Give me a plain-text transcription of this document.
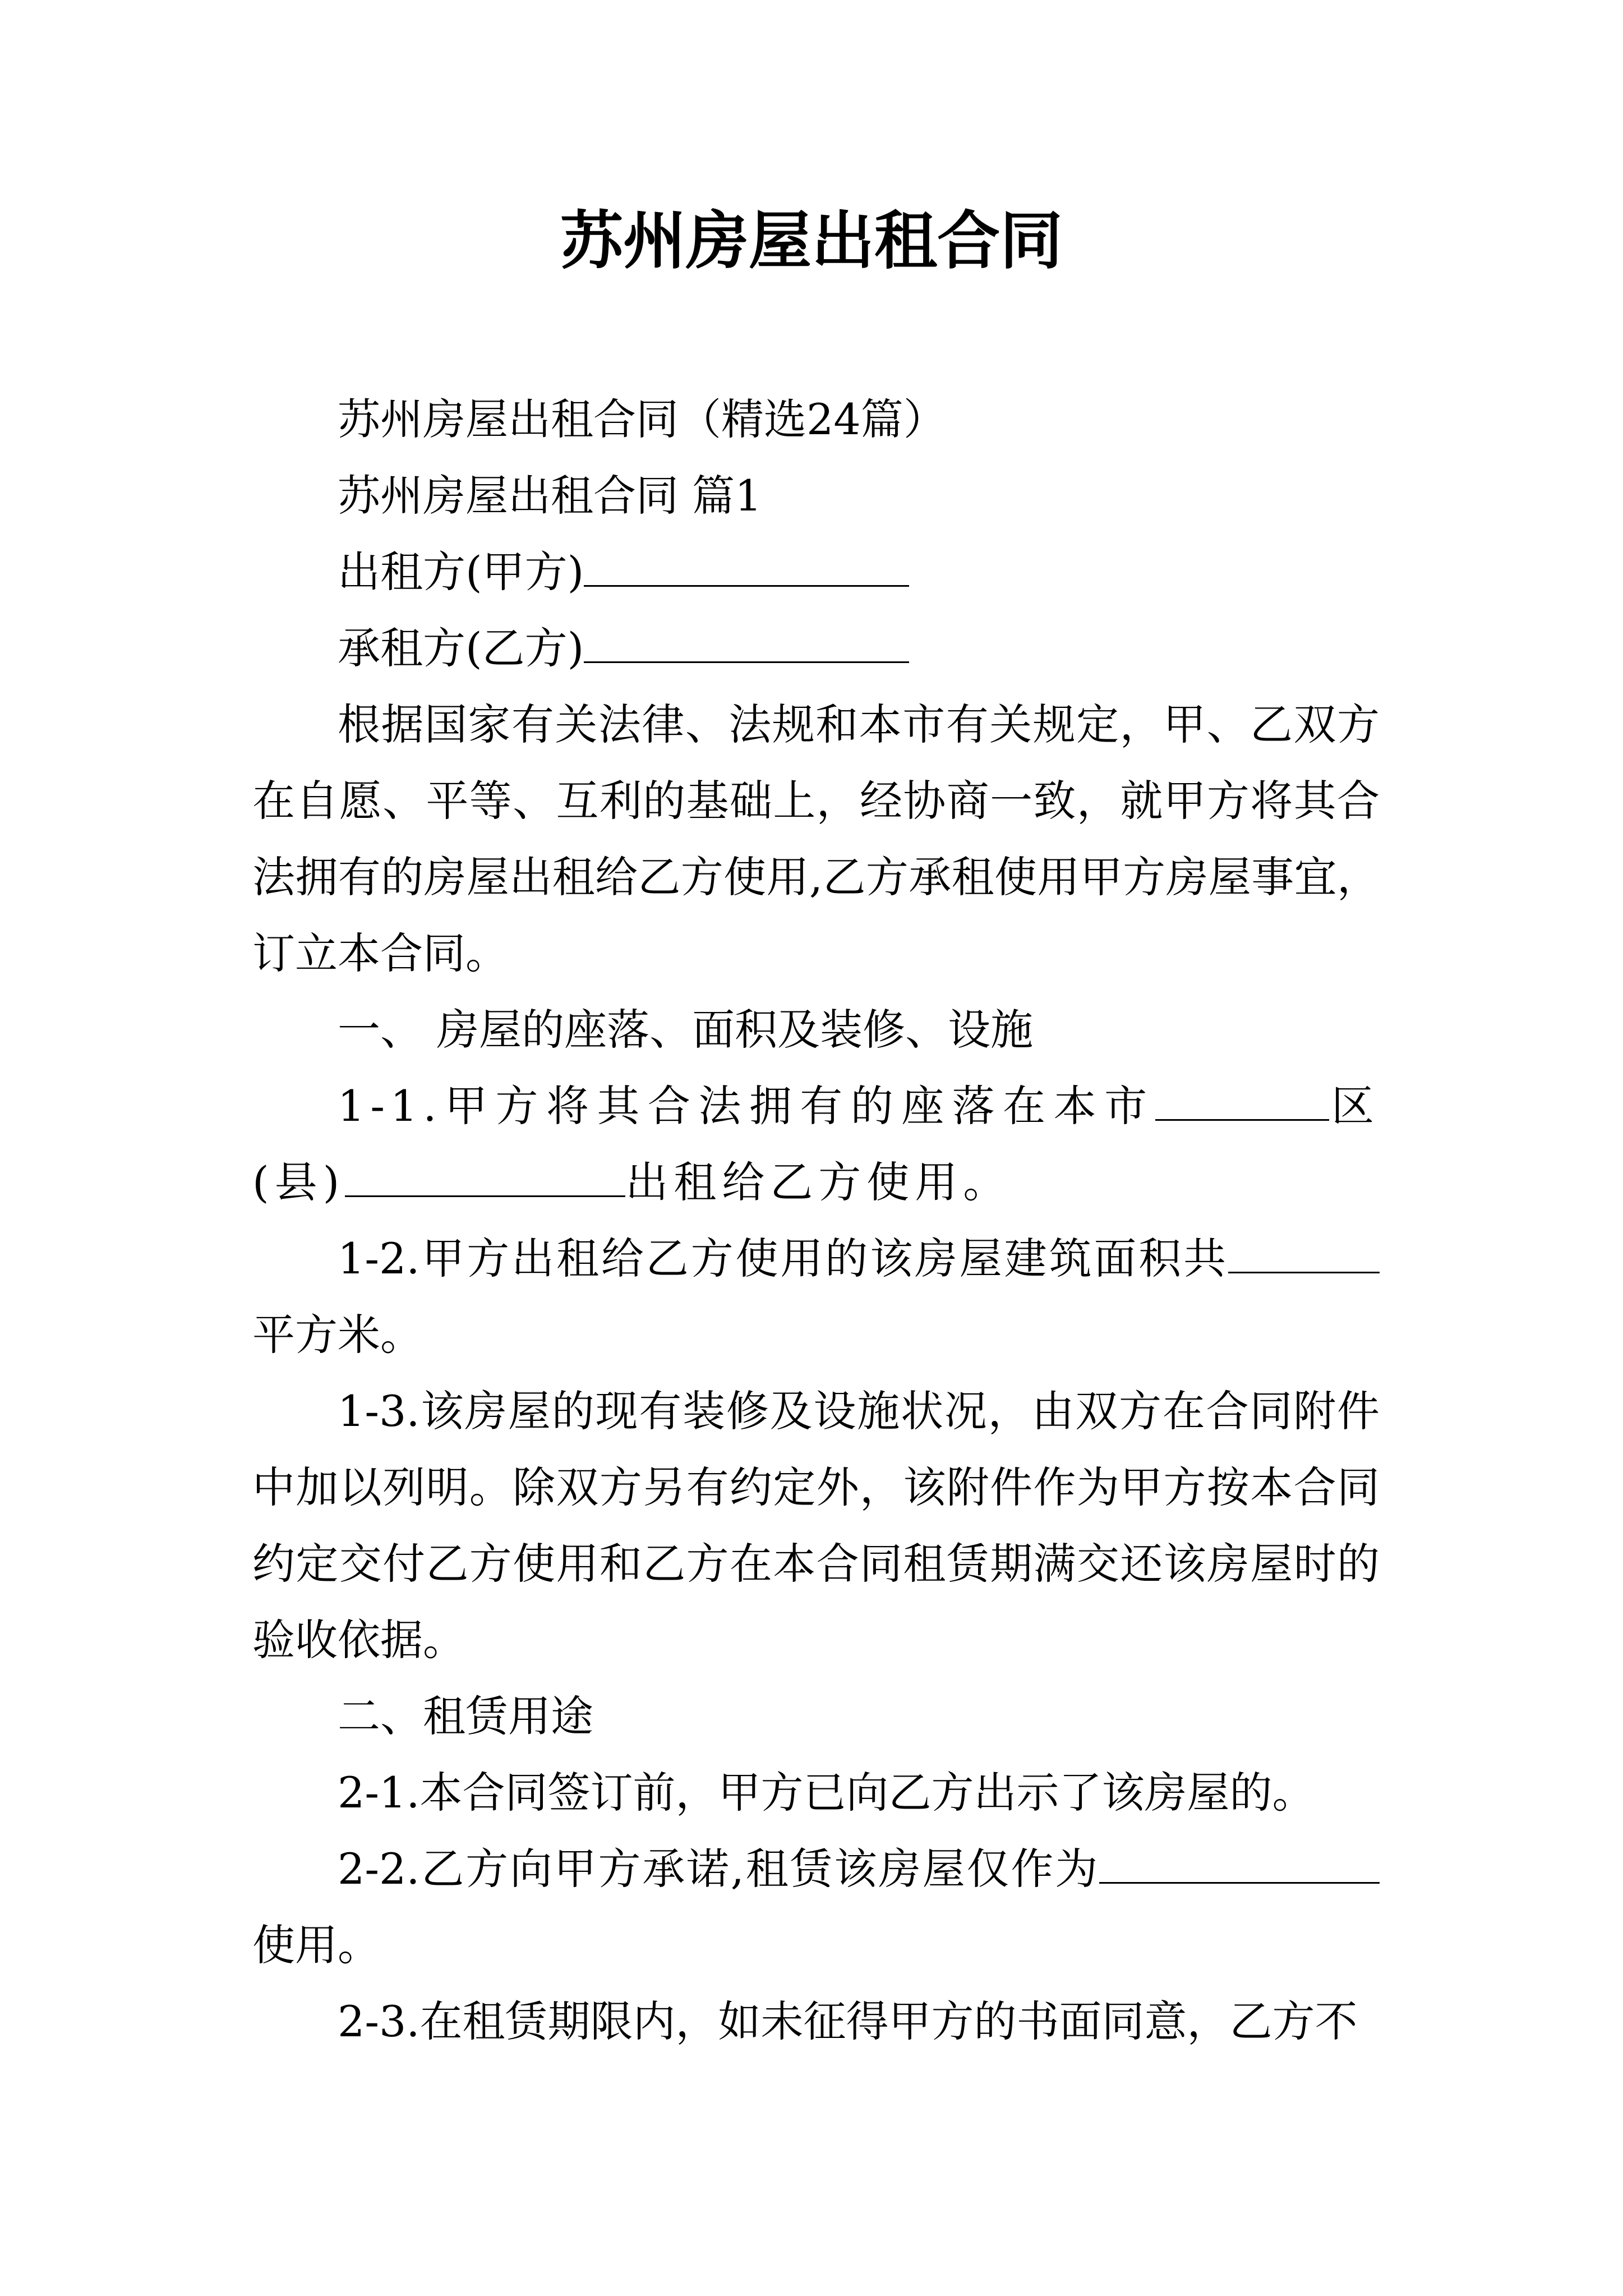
苏州房屋出租合同

苏州房屋出租合同（精选24篇）

苏州房屋出租合同 篇1

出租方(甲方)

承租方(乙方)

根据国家有关法律、法规和本市有关规定，甲、乙双方在自愿、平等、互利的基础上，经协商一致，就甲方将其合法拥有的房屋出租给乙方使用,乙方承租使用甲方房屋事宜，订立本合同。

一、 房屋的座落、面积及装修、设施

1-1.甲方将其合法拥有的座落在本市	区(县)	出租给乙方使用。

1-2.甲方出租给乙方使用的该房屋建筑面积共平方米。

1-3.该房屋的现有装修及设施状况，由双方在合同附件中加以列明。除双方另有约定外，该附件作为甲方按本合同约定交付乙方使用和乙方在本合同租赁期满交还该房屋时的验收依据。

二、租赁用途

2-1.本合同签订前，甲方已向乙方出示了该房屋的。

2-2.乙方向甲方承诺,租赁该房屋仅作为使用。

2-3.在租赁期限内，如未征得甲方的书面同意，乙方不
